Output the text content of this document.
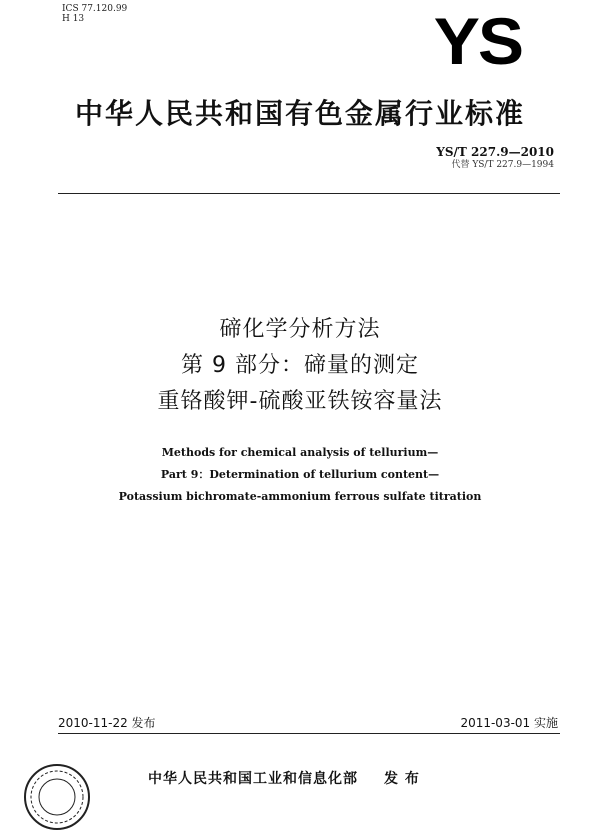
ICS 77.120.99
H 13	YS
中华人民共和国有色金属行业标准
YS/T 227.9—2010
代替 YS/T 227.9—1994
碲化学分析方法
第 9 部分：碲量的测定
重铬酸钾-硫酸亚铁铵容量法
Methods for chemical analysis of tellurium—
Part 9：Determination of tellurium content—
Potassium bichromate-ammonium ferrous sulfate titration
2010-11-22 发布	2011-03-01 实施
中华人民共和国工业和信息化部 发 布
